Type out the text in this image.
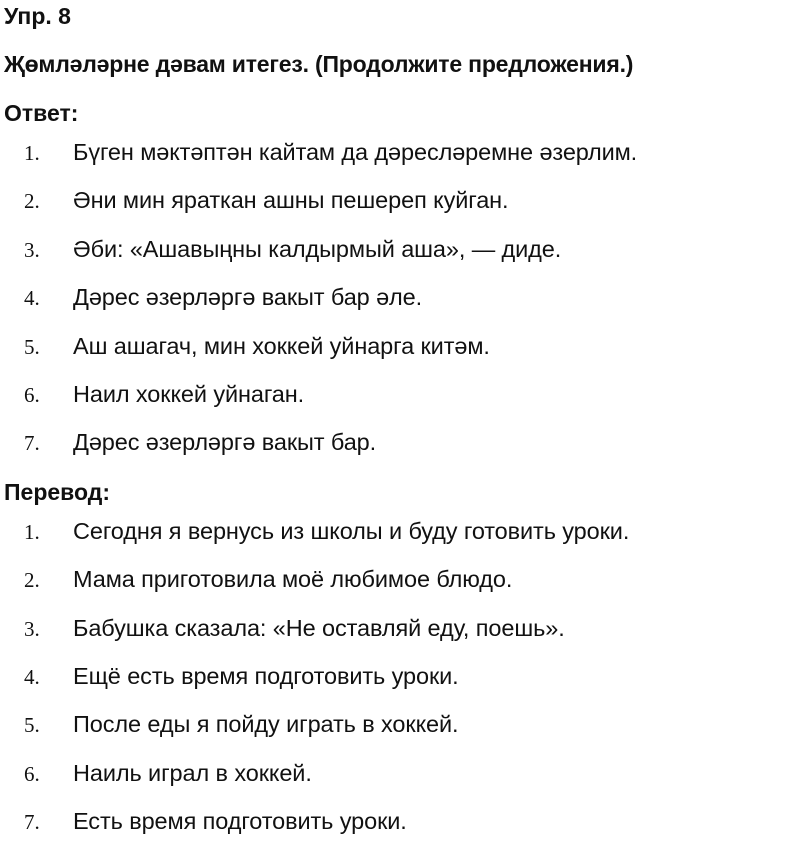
Упр. 8
Җөмләләрне дәвам итегез. (Продолжите предложения.)
Ответ:
1.	Бүген мәктәптән кайтам да дәресләремне әзерлим.
2.	Әни мин яраткан ашны пешереп куйган.
3.	Әби: «Ашавыңны калдырмый аша», — диде.
4.	Дәрес әзерләргә вакыт бар әле.
5.	Аш ашагач, мин хоккей уйнарга китәм.
6.	Наил хоккей уйнаган.
7.	Дәрес әзерләргә вакыт бар.
Перевод:
1.	Сегодня я вернусь из школы и буду готовить уроки.
2.	Мама приготовила моё любимое блюдо.
3.	Бабушка сказала: «Не оставляй еду, поешь».
4.	Ещё есть время подготовить уроки.
5.	После еды я пойду играть в хоккей.
6.	Наиль играл в хоккей.
7.	Есть время подготовить уроки.
